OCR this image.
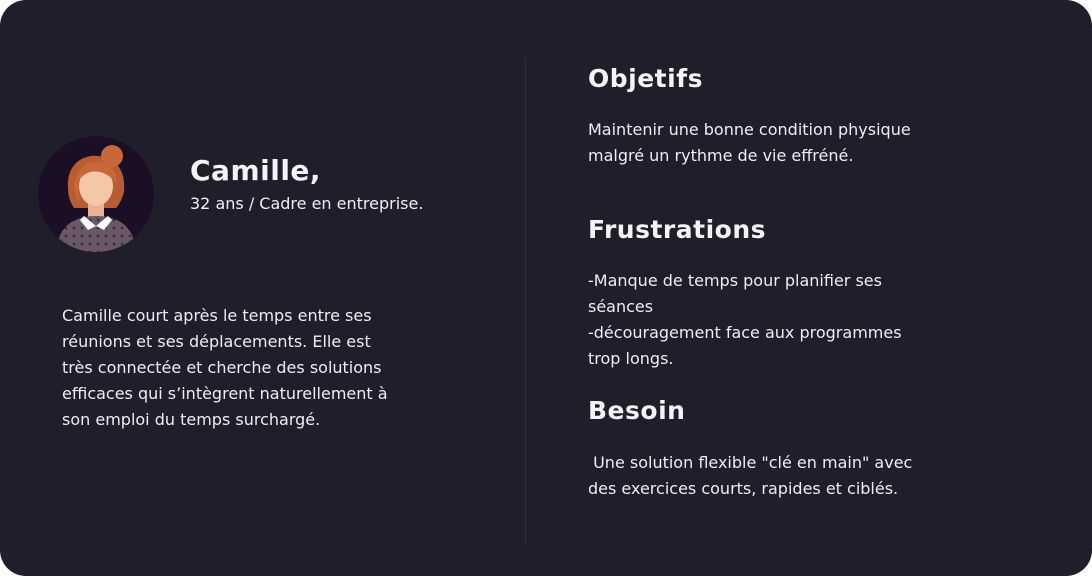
Camille,
32 ans / Cadre en entreprise.
Camille court après le temps entre ses
réunions et ses déplacements. Elle est
très connectée et cherche des solutions
efficaces qui s’intègrent naturellement à
son emploi du temps surchargé.
Objetifs
Maintenir une bonne condition physique
malgré un rythme de vie effréné.
Frustrations
-Manque de temps pour planifier ses
séances
-découragement face aux programmes
trop longs.
Besoin
Une solution flexible "clé en main" avec
des exercices courts, rapides et ciblés.
